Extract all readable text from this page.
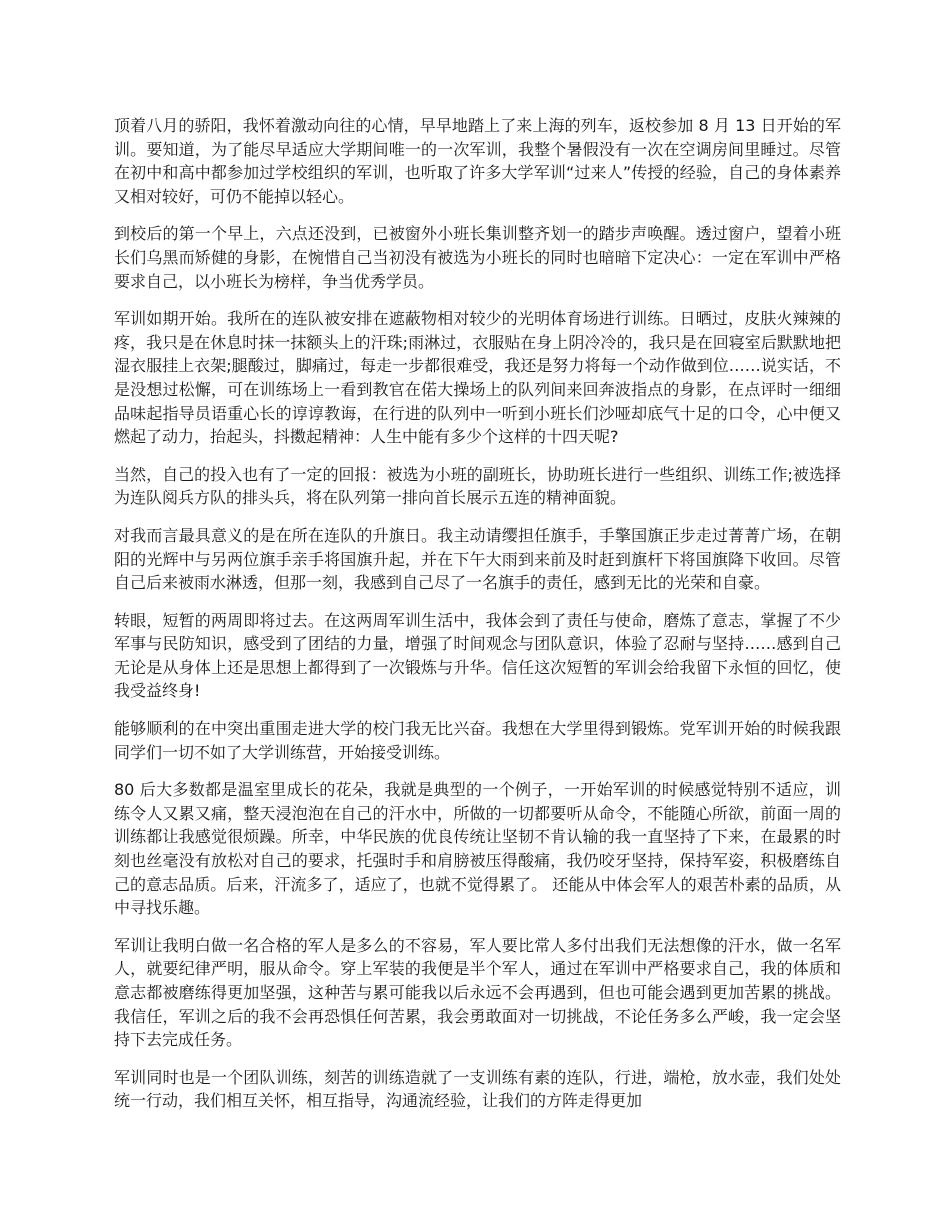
顶着八月的骄阳，我怀着激动向往的心情，早早地踏上了来上海的列车，返校参加 8 月 13 日开始的军训。要知道，为了能尽早适应大学期间唯一的一次军训，我整个暑假没有一次在空调房间里睡过。尽管在初中和高中都参加过学校组织的军训，也听取了许多大学军训“过来人”传授的经验，自己的身体素养又相对较好，可仍不能掉以轻心。

到校后的第一个早上，六点还没到，已被窗外小班长集训整齐划一的踏步声唤醒。透过窗户，望着小班长们乌黑而矫健的身影，在惋惜自己当初没有被选为小班长的同时也暗暗下定决心：一定在军训中严格要求自己，以小班长为榜样，争当优秀学员。

军训如期开始。我所在的连队被安排在遮蔽物相对较少的光明体育场进行训练。日晒过，皮肤火辣辣的疼，我只是在休息时抹一抹额头上的汗珠;雨淋过，衣服贴在身上阴冷冷的，我只是在回寝室后默默地把湿衣服挂上衣架;腿酸过，脚痛过，每走一步都很难受，我还是努力将每一个动作做到位……说实话，不是没想过松懈，可在训练场上一看到教官在偌大操场上的队列间来回奔波指点的身影，在点评时一细细品味起指导员语重心长的谆谆教诲，在行进的队列中一听到小班长们沙哑却底气十足的口令，心中便又燃起了动力，抬起头，抖擞起精神：人生中能有多少个这样的十四天呢?

当然，自己的投入也有了一定的回报：被选为小班的副班长，协助班长进行一些组织、训练工作;被选择为连队阅兵方队的排头兵，将在队列第一排向首长展示五连的精神面貌。

对我而言最具意义的是在所在连队的升旗日。我主动请缨担任旗手，手擎国旗正步走过菁菁广场，在朝阳的光辉中与另两位旗手亲手将国旗升起，并在下午大雨到来前及时赶到旗杆下将国旗降下收回。尽管自己后来被雨水淋透，但那一刻，我感到自己尽了一名旗手的责任，感到无比的光荣和自豪。

转眼，短暂的两周即将过去。在这两周军训生活中，我体会到了责任与使命，磨炼了意志，掌握了不少军事与民防知识，感受到了团结的力量，增强了时间观念与团队意识，体验了忍耐与坚持……感到自己无论是从身体上还是思想上都得到了一次锻炼与升华。信任这次短暂的军训会给我留下永恒的回忆，使我受益终身!

能够顺利的在中突出重围走进大学的校门我无比兴奋。我想在大学里得到锻炼。党军训开始的时候我跟同学们一切不如了大学训练营，开始接受训练。

80 后大多数都是温室里成长的花朵，我就是典型的一个例子，一开始军训的时候感觉特别不适应，训练令人又累又痛，整天浸泡泡在自己的汗水中，所做的一切都要听从命令，不能随心所欲，前面一周的训练都让我感觉很烦躁。所幸，中华民族的优良传统让坚韧不肯认输的我一直坚持了下来，在最累的时刻也丝毫没有放松对自己的要求，托强时手和肩膀被压得酸痛，我仍咬牙坚持，保持军姿，积极磨练自己的意志品质。后来，汗流多了，适应了，也就不觉得累了。 还能从中体会军人的艰苦朴素的品质，从中寻找乐趣。

军训让我明白做一名合格的军人是多么的不容易，军人要比常人多付出我们无法想像的汗水，做一名军人，就要纪律严明，服从命令。穿上军装的我便是半个军人，通过在军训中严格要求自己，我的体质和意志都被磨练得更加坚强，这种苦与累可能我以后永远不会再遇到，但也可能会遇到更加苦累的挑战。我信任，军训之后的我不会再恐惧任何苦累，我会勇敢面对一切挑战，不论任务多么严峻，我一定会坚持下去完成任务。

军训同时也是一个团队训练，刻苦的训练造就了一支训练有素的连队，行进，端枪，放水壶，我们处处统一行动，我们相互关怀，相互指导，沟通流经验，让我们的方阵走得更加
